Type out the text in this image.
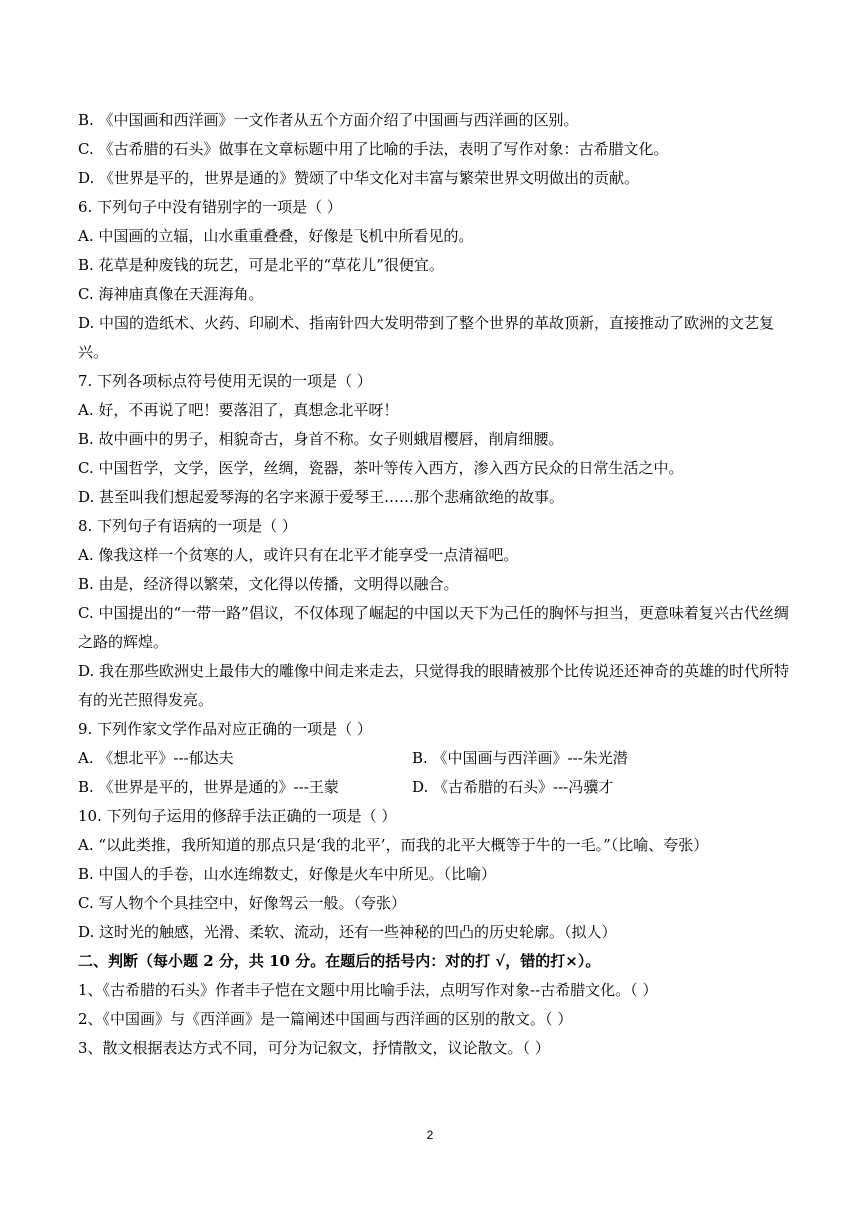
B. 《中国画和西洋画》一文作者从五个方面介绍了中国画与西洋画的区别。
C. 《古希腊的石头》做事在文章标题中用了比喻的手法，表明了写作对象：古希腊文化。
D. 《世界是平的，世界是通的》赞颂了中华文化对丰富与繁荣世界文明做出的贡献。
6. 下列句子中没有错别字的一项是（ ）
A. 中国画的立辐，山水重重叠叠，好像是飞机中所看见的。
B. 花草是种废钱的玩艺，可是北平的“草花儿”很便宜。
C. 海神庙真像在天涯海角。
D. 中国的造纸术、火药、印刷术、指南针四大发明带到了整个世界的革故顶新，直接推动了欧洲的文艺复兴。
7. 下列各项标点符号使用无误的一项是（ ）
A. 好，不再说了吧！要落泪了，真想念北平呀！
B. 故中画中的男子，相貌奇古，身首不称。女子则蛾眉樱唇，削肩细腰。
C. 中国哲学，文学，医学，丝绸，瓷器，茶叶等传入西方，渗入西方民众的日常生活之中。
D. 甚至叫我们想起爱琴海的名字来源于爱琴王……那个悲痛欲绝的故事。
8. 下列句子有语病的一项是（ ）
A. 像我这样一个贫寒的人，或许只有在北平才能享受一点清福吧。
B. 由是，经济得以繁荣，文化得以传播，文明得以融合。
C. 中国提出的“一带一路”倡议，不仅体现了崛起的中国以天下为己任的胸怀与担当，更意味着复兴古代丝绸之路的辉煌。
D. 我在那些欧洲史上最伟大的雕像中间走来走去，只觉得我的眼睛被那个比传说还还神奇的英雄的时代所特有的光芒照得发亮。
9. 下列作家文学作品对应正确的一项是（ ）
A. 《想北平》---郁达夫	B. 《中国画与西洋画》---朱光潜
B. 《世界是平的，世界是通的》---王蒙	D. 《古希腊的石头》---冯骥才
10. 下列句子运用的修辞手法正确的一项是（ ）
A. “以此类推，我所知道的那点只是‘我的北平’，而我的北平大概等于牛的一毛。”（比喻、夸张）
B. 中国人的手卷，山水连绵数丈，好像是火车中所见。（比喻）
C. 写人物个个具挂空中，好像驾云一般。（夸张）
D. 这时光的触感，光滑、柔软、流动，还有一些神秘的凹凸的历史轮廓。（拟人）
二、判断（每小题 2 分，共 10 分。在题后的括号内：对的打 √，错的打×）。
1、《古希腊的石头》作者丰子恺在文题中用比喻手法，点明写作对象--古希腊文化。（ ）
2、《中国画》与《西洋画》是一篇阐述中国画与西洋画的区别的散文。（ ）
3、散文根据表达方式不同，可分为记叙文，抒情散文，议论散文。（ ）
2
